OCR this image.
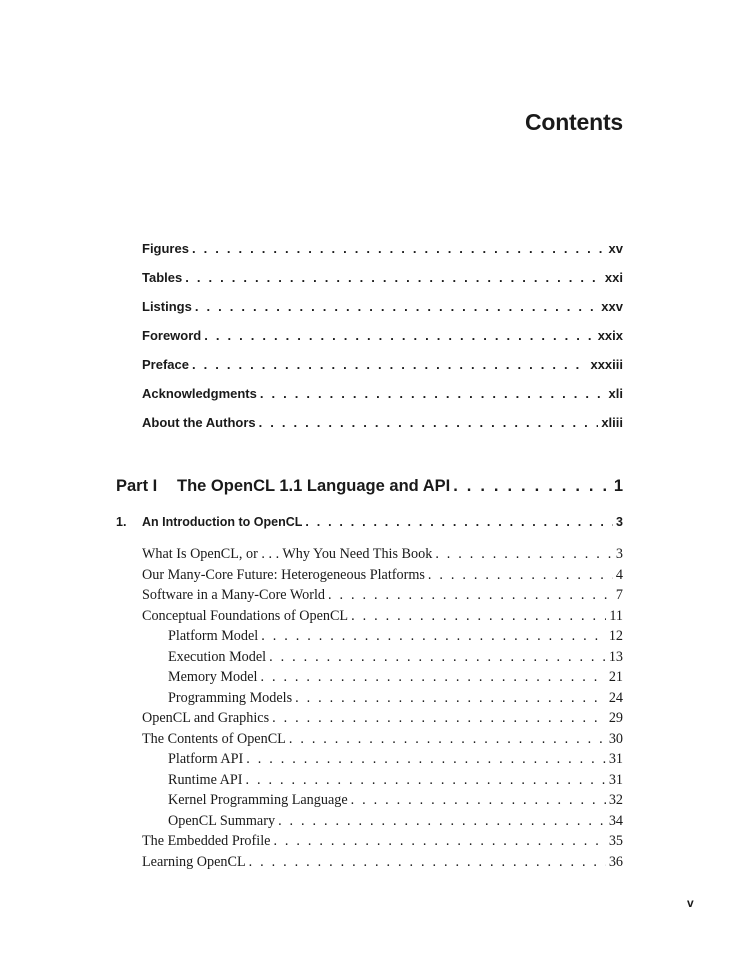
Contents
Figures . . .	xv
Tables . . .	xxi
Listings . . .	xxv
Foreword . . .	xxix
Preface . . .	xxxiii
Acknowledgments . . .	xli
About the Authors . . .	xliii
Part I The OpenCL 1.1 Language and API . . .	1
1. An Introduction to OpenCL . . .	3
What Is OpenCL, or . . . Why You Need This Book . . .	3
Our Many-Core Future: Heterogeneous Platforms . . .	4
Software in a Many-Core World . . .	7
Conceptual Foundations of OpenCL . . .	11
Platform Model . . .	12
Execution Model . . .	13
Memory Model . . .	21
Programming Models . . .	24
OpenCL and Graphics . . .	29
The Contents of OpenCL . . .	30
Platform API . . .	31
Runtime API . . .	31
Kernel Programming Language . . .	32
OpenCL Summary . . .	34
The Embedded Profile . . .	35
Learning OpenCL . . .	36
v
